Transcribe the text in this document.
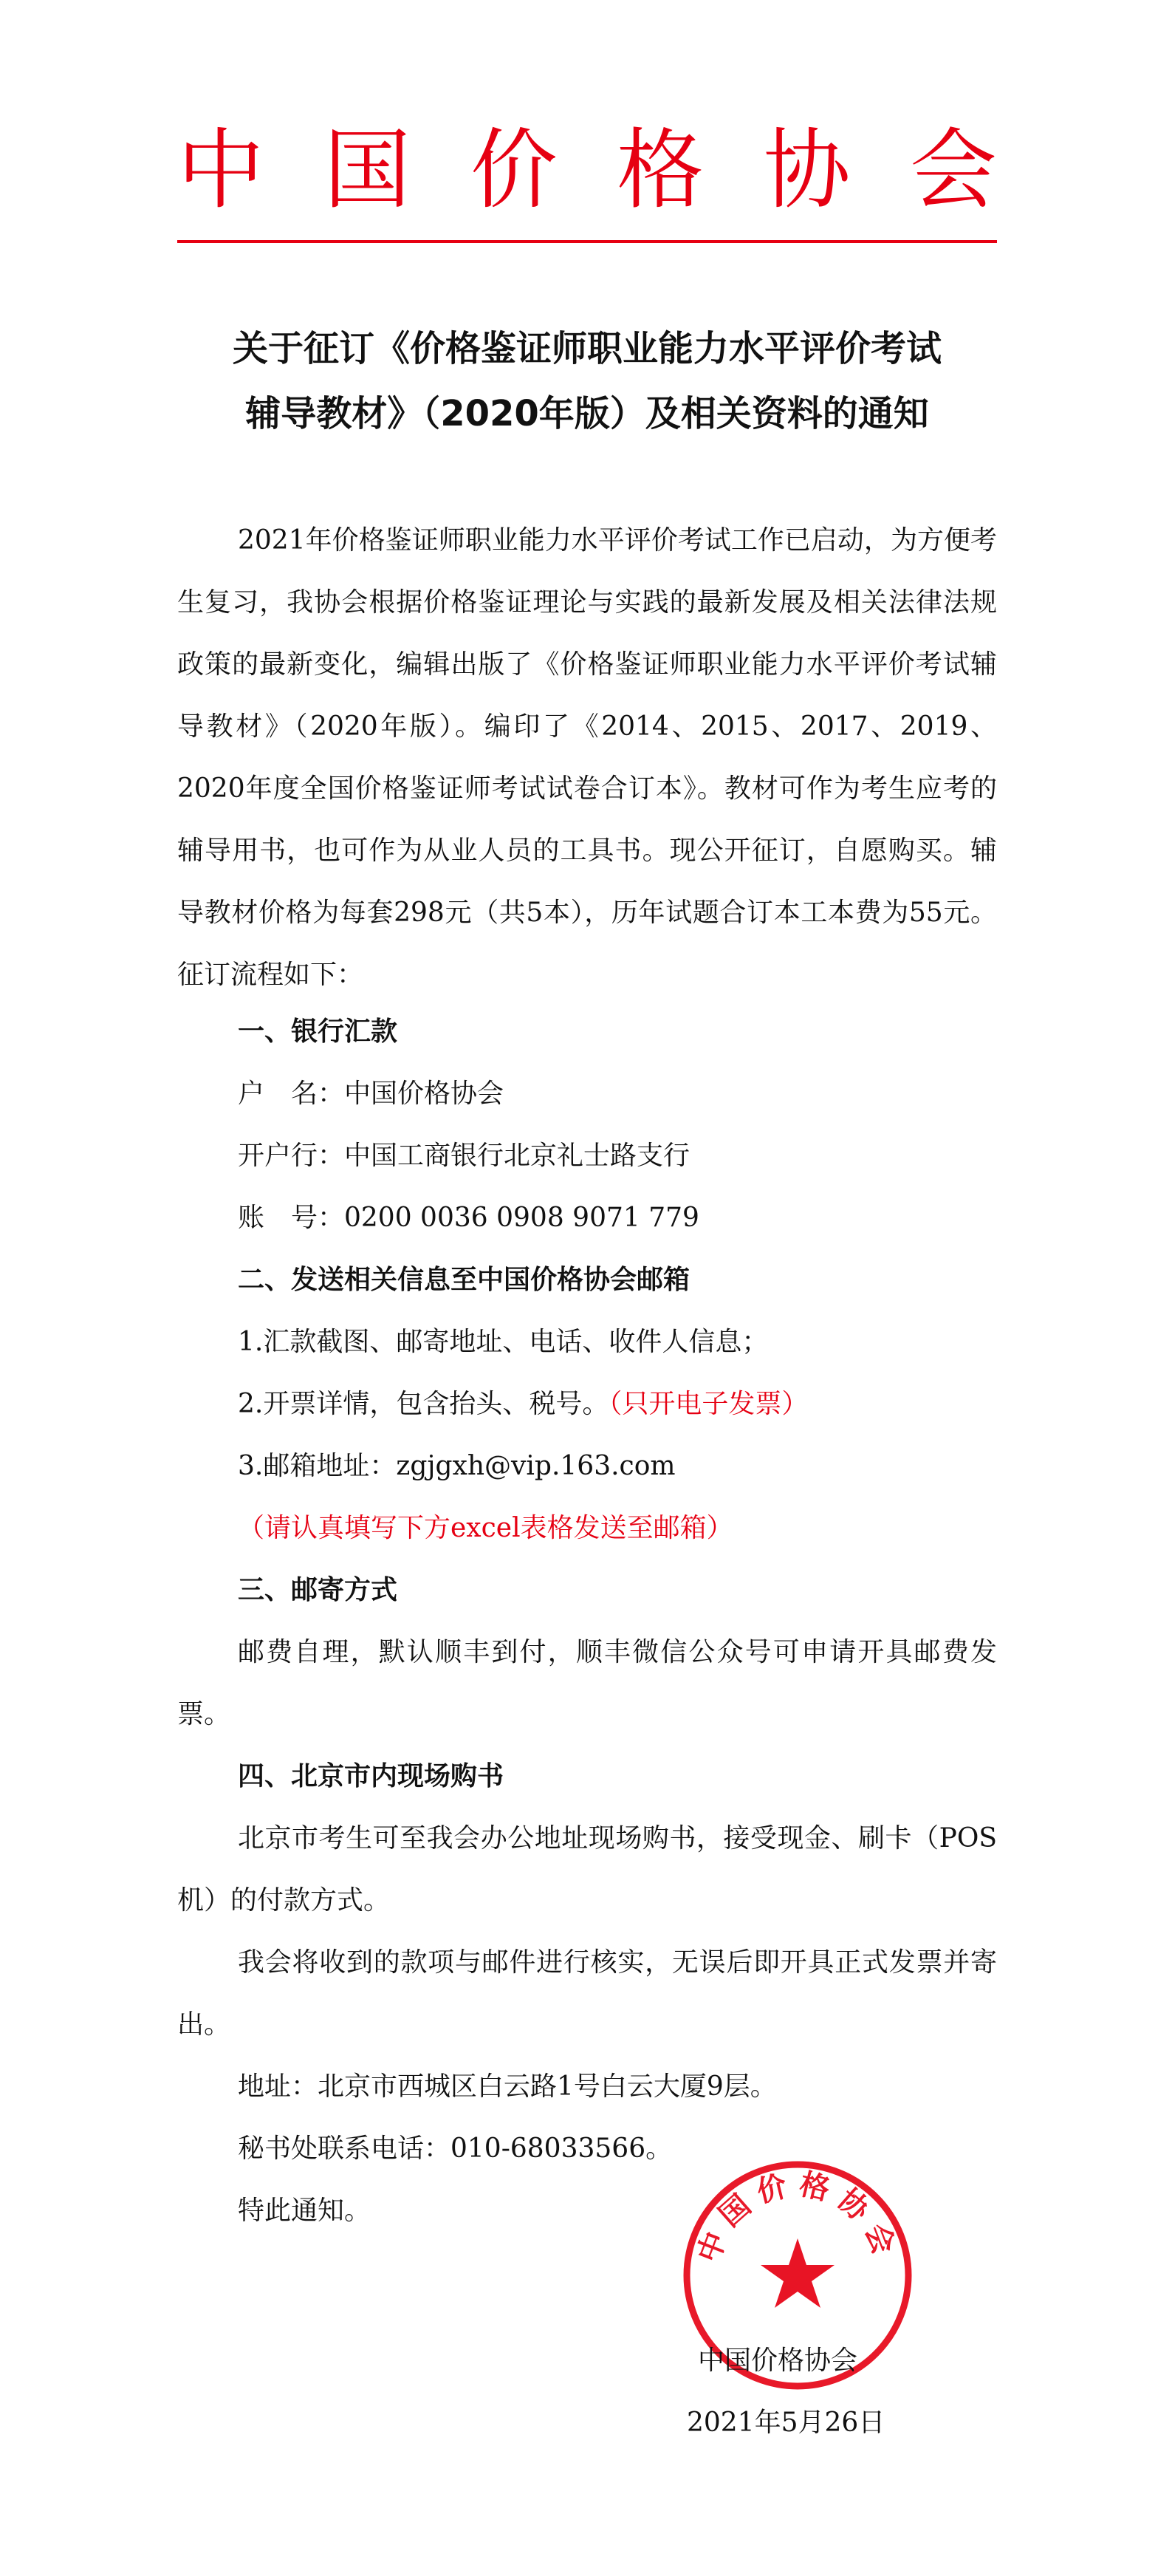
中 国 价 格 协 会
关于征订《价格鉴证师职业能力水平评价考试
辅导教材》（2020年版）及相关资料的通知

2021年价格鉴证师职业能力水平评价考试工作已启动，为方便考生复习，我协会根据价格鉴证理论与实践的最新发展及相关法律法规政策的最新变化，编辑出版了《价格鉴证师职业能力水平评价考试辅导教材》（2020年版）。编印了《2014、2015、2017、2019、2020年度全国价格鉴证师考试试卷合订本》。教材可作为考生应考的辅导用书，也可作为从业人员的工具书。现公开征订，自愿购买。辅导教材价格为每套298元（共5本），历年试题合订本工本费为55元。征订流程如下：

一、银行汇款

户　名：中国价格协会

开户行：中国工商银行北京礼士路支行

账　号：0200 0036 0908 9071 779

二、发送相关信息至中国价格协会邮箱

1.汇款截图、邮寄地址、电话、收件人信息；

2.开票详情，包含抬头、税号。（只开电子发票）

3.邮箱地址：zgjgxh@vip.163.com

（请认真填写下方excel表格发送至邮箱）

三、邮寄方式

邮费自理，默认顺丰到付，顺丰微信公众号可申请开具邮费发票。

四、北京市内现场购书

北京市考生可至我会办公地址现场购书，接受现金、刷卡（POS机）的付款方式。

我会将收到的款项与邮件进行核实，无误后即开具正式发票并寄出。

地址：北京市西城区白云路1号白云大厦9层。

秘书处联系电话：010-68033566。

特此通知。

中国价格协会
中国价格协会
2021年5月26日
